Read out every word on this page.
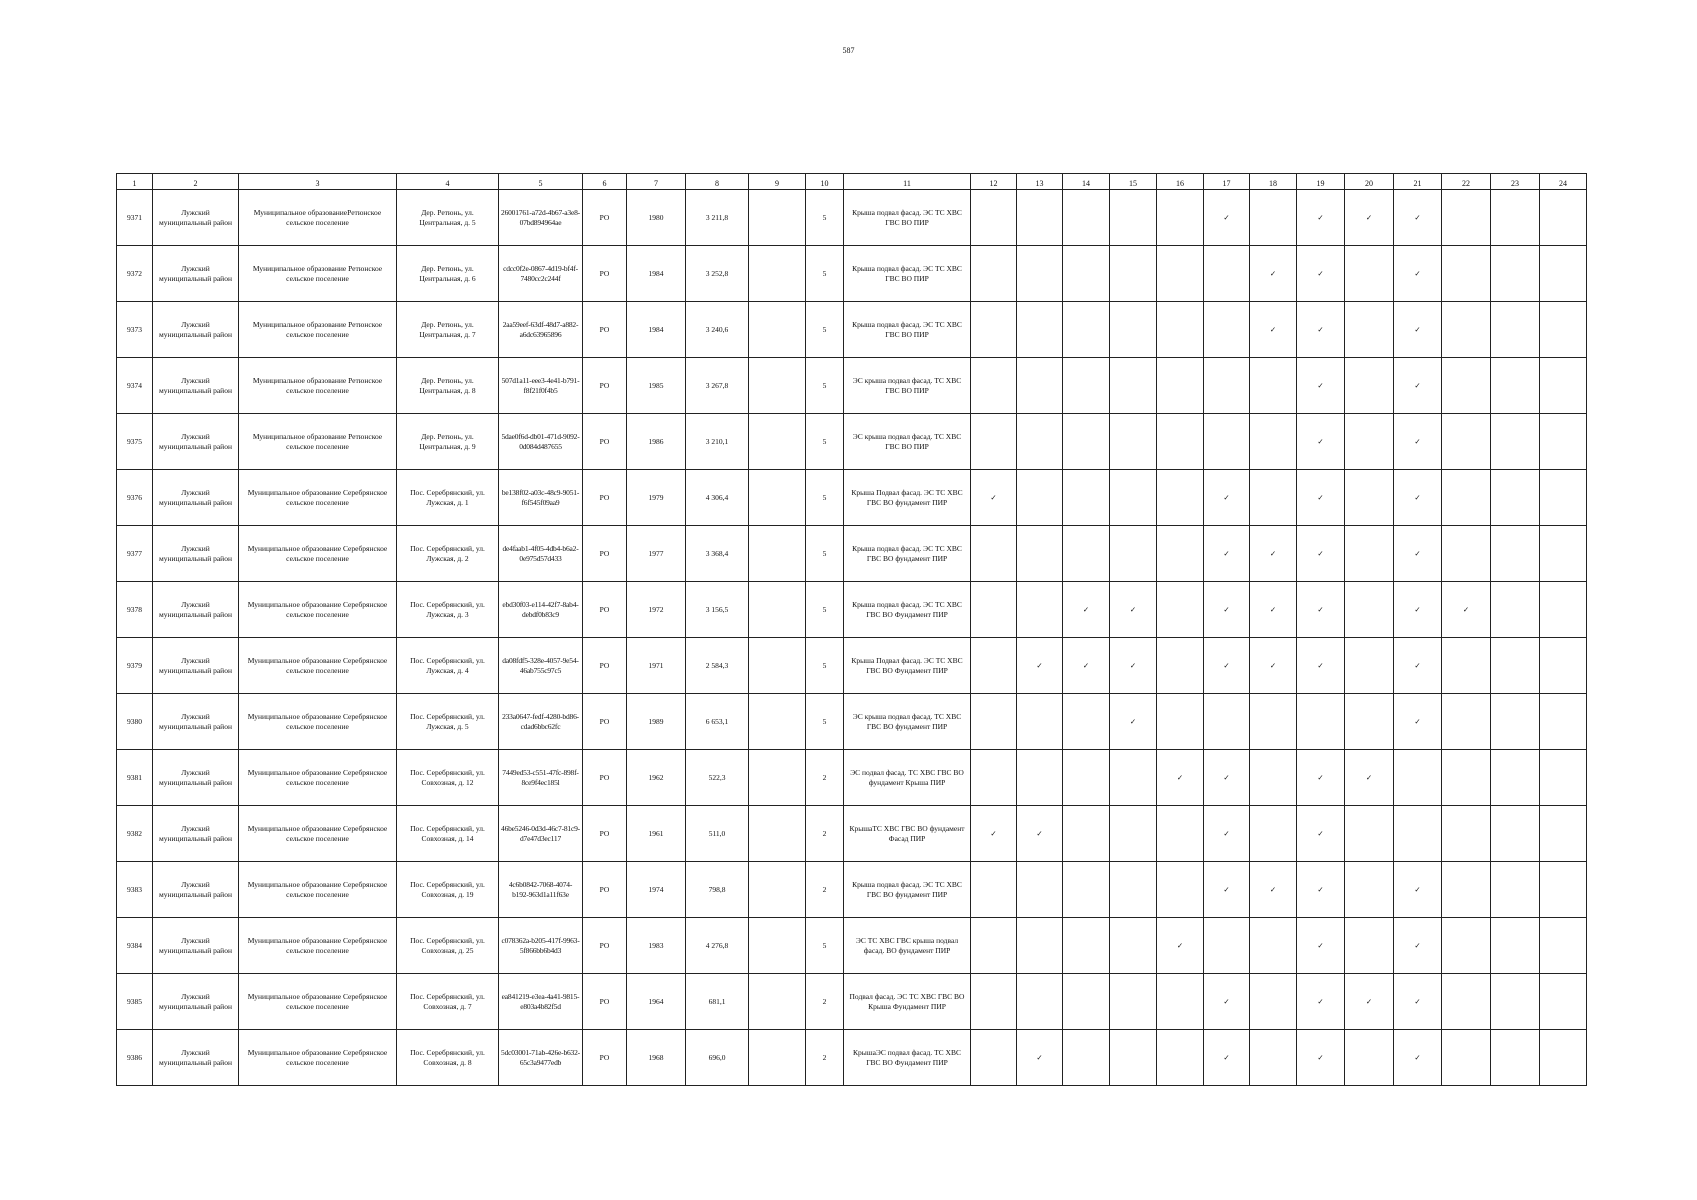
587
1	2	3	4	5	6	7	8	9	10	11	12	13	14	15	16	17	18	19	20	21	22	23	24
9371	Лужский муниципальный район	Муниципальное образованиеРетюнское сельское поселение	Дер. Ретюнь, ул. Центральная, д. 5	26001761-a72d-4b67-a3e8-07bd894964ae	РО	1980	3 211,8		5	Крыша подвал фасад. ЭС ТС ХВС ГВС ВО ПИР						✓		✓	✓	✓			
9372	Лужский муниципальный район	Муниципальное образование Ретюнское сельское поселение	Дер. Ретюнь, ул. Центральная, д. 6	cdcc0f2e-0867-4d19-bf4f-7480cc2c244f	РО	1984	3 252,8		5	Крыша подвал фасад. ЭС ТС ХВС ГВС ВО ПИР							✓	✓		✓			
9373	Лужский муниципальный район	Муниципальное образование Ретюнское сельское поселение	Дер. Ретюнь, ул. Центральная, д. 7	2aa59eef-63df-48d7-a882-a6dc63965896	РО	1984	3 240,6		5	Крыша подвал фасад. ЭС ТС ХВС ГВС ВО ПИР							✓	✓		✓			
9374	Лужский муниципальный район	Муниципальное образование Ретюнское сельское поселение	Дер. Ретюнь, ул. Центральная, д. 8	507d1a11-eee3-4e41-b791-f8f21f0f4b5	РО	1985	3 267,8		5	ЭС крыша подвал фасад. ТС ХВС ГВС ВО ПИР								✓		✓			
9375	Лужский муниципальный район	Муниципальное образование Ретюнское сельское поселение	Дер. Ретюнь, ул. Центральная, д. 9	5dae0f6d-db01-471d-9092-0d084d487655	РО	1986	3 210,1		5	ЭС крыша подвал фасад. ТС ХВС ГВС ВО ПИР								✓		✓			
9376	Лужский муниципальный район	Муниципальное образование Серебрянское сельское поселение	Пос. Серебрянский, ул. Лужская, д. 1	be138f02-a03c-48c9-9051-f6f545f09aa9	РО	1979	4 306,4		5	Крыша Подвал фасад. ЭС ТС ХВС ГВС ВО фундамент ПИР	✓					✓		✓		✓			
9377	Лужский муниципальный район	Муниципальное образование Серебрянское сельское поселение	Пос. Серебрянский, ул. Лужская, д. 2	de4faab1-4f05-4db4-b6a2-0e975d57d433	РО	1977	3 368,4		5	Крыша подвал фасад. ЭС ТС ХВС ГВС ВО фундамент ПИР						✓	✓	✓		✓			
9378	Лужский муниципальный район	Муниципальное образование Серебрянское сельское поселение	Пос. Серебрянский, ул. Лужская, д. 3	ebd30f03-e114-42f7-8ab4-debdf0b83c9	РО	1972	3 156,5		5	Крыша подвал фасад. ЭС ТС ХВС ГВС ВО Фундамент ПИР			✓	✓		✓	✓	✓		✓	✓		
9379	Лужский муниципальный район	Муниципальное образование Серебрянское сельское поселение	Пос. Серебрянский, ул. Лужская, д. 4	da08fdf5-328e-4057-9e54-46ab755c97c5	РО	1971	2 584,3		5	Крыша Подвал фасад. ЭС ТС ХВС ГВС ВО Фундамент ПИР		✓	✓	✓		✓	✓	✓		✓			
9380	Лужский муниципальный район	Муниципальное образование Серебрянское сельское поселение	Пос. Серебрянский, ул. Лужская, д. 5	233a0647-fedf-4280-bd86-cdad6bbc62fc	РО	1989	6 653,1		5	ЭС крыша подвал фасад. ТС ХВС ГВС ВО фундамент ПИР				✓						✓			
9381	Лужский муниципальный район	Муниципальное образование Серебрянское сельское поселение	Пос. Серебрянский, ул. Совхозная, д. 12	7449ed53-c551-47fc-898f-8ce9f4ec185l	РО	1962	522,3		2	ЭС подвал фасад. ТС ХВС ГВС ВО фундамент Крыша ПИР					✓	✓		✓	✓				
9382	Лужский муниципальный район	Муниципальное образование Серебрянское сельское поселение	Пос. Серебрянский, ул. Совхозная, д. 14	46be5246-0d3d-46c7-81c9-d7e47d3ec117	РО	1961	511,0		2	КрышаТС ХВС ГВС ВО фундамент Фасад ПИР	✓	✓				✓		✓					
9383	Лужский муниципальный район	Муниципальное образование Серебрянское сельское поселение	Пос. Серебрянский, ул. Совхозная, д. 19	4c6b0842-7068-4074-b192-963d1a11f63e	РО	1974	798,8		2	Крыша подвал фасад. ЭС ТС ХВС ГВС ВО фундамент ПИР						✓	✓	✓		✓			
9384	Лужский муниципальный район	Муниципальное образование Серебрянское сельское поселение	Пос. Серебрянский, ул. Совхозная, д. 25	c078362a-b205-417f-9963-5f866bb6b4d3	РО	1983	4 276,8		5	ЭС ТС ХВС ГВС крыша подвал фасад. ВО фундамент ПИР					✓			✓		✓			
9385	Лужский муниципальный район	Муниципальное образование Серебрянское сельское поселение	Пос. Серебрянский, ул. Совхозная, д. 7	ea841219-e3ea-4a41-9815-e803a4b82f5d	РО	1964	681,1		2	Подвал фасад. ЭС ТС ХВС ГВС ВО Крыша Фундамент ПИР						✓		✓	✓	✓			
9386	Лужский муниципальный район	Муниципальное образование Серебрянское сельское поселение	Пос. Серебрянский, ул. Совхозная, д. 8	5dc03001-71ab-426e-b632-65c3a9477edb	РО	1968	696,0		2	КрышаЭС подвал фасад. ТС ХВС ГВС ВО Фундамент ПИР		✓				✓		✓		✓			
